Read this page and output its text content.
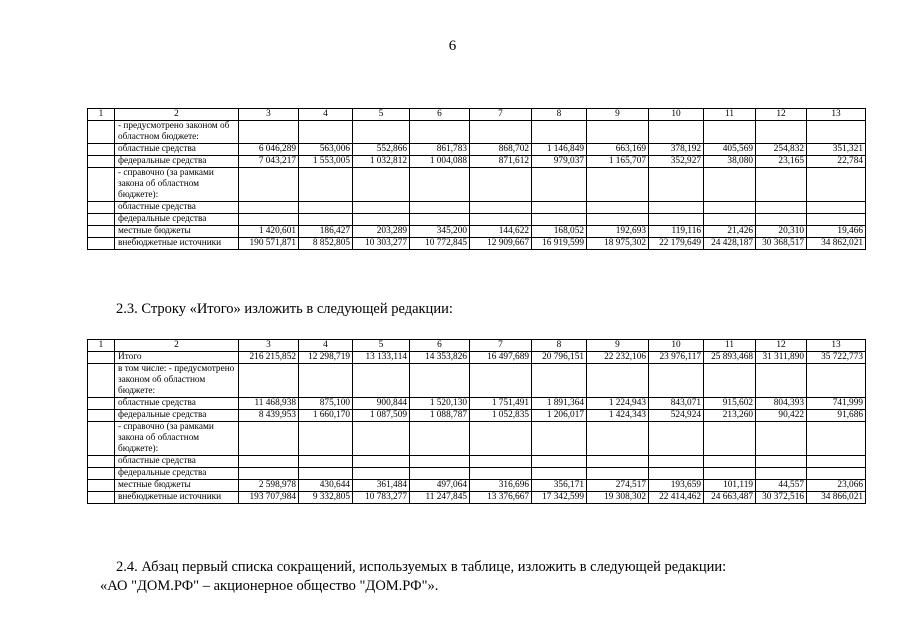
6
1	2	3	4	5	6	7	8	9	10	11	12	13
	- предусмотрено законом об областном бюджете:											
	областные средства	6 046,289	563,006	552,866	861,783	868,702	1 146,849	663,169	378,192	405,569	254,832	351,321
	федеральные средства	7 043,217	1 553,005	1 032,812	1 004,088	871,612	979,037	1 165,707	352,927	38,080	23,165	22,784
	- справочно (за рамками закона об областном бюджете):											
	областные средства											
	федеральные средства											
	местные бюджеты	1 420,601	186,427	203,289	345,200	144,622	168,052	192,693	119,116	21,426	20,310	19,466
	внебюджетные источники	190 571,871	8 852,805	10 303,277	10 772,845	12 909,667	16 919,599	18 975,302	22 179,649	24 428,187	30 368,517	34 862,021
2.3. Строку «Итого» изложить в следующей редакции:
1	2	3	4	5	6	7	8	9	10	11	12	13
	Итого	216 215,852	12 298,719	13 133,114	14 353,826	16 497,689	20 796,151	22 232,106	23 976,117	25 893,468	31 311,890	35 722,773
	в том числе: - предусмотрено законом об областном бюджете:											
	областные средства	11 468,938	875,100	900,844	1 520,130	1 751,491	1 891,364	1 224,943	843,071	915,602	804,393	741,999
	федеральные средства	8 439,953	1 660,170	1 087,509	1 088,787	1 052,835	1 206,017	1 424,343	524,924	213,260	90,422	91,686
	- справочно (за рамками закона об областном бюджете):											
	областные средства											
	федеральные средства											
	местные бюджеты	2 598,978	430,644	361,484	497,064	316,696	356,171	274,517	193,659	101,119	44,557	23,066
	внебюджетные источники	193 707,984	9 332,805	10 783,277	11 247,845	13 376,667	17 342,599	19 308,302	22 414,462	24 663,487	30 372,516	34 866,021
2.4. Абзац первый списка сокращений, используемых в таблице, изложить в следующей редакции:
«АО "ДОМ.РФ" – акционерное общество "ДОМ.РФ"».
